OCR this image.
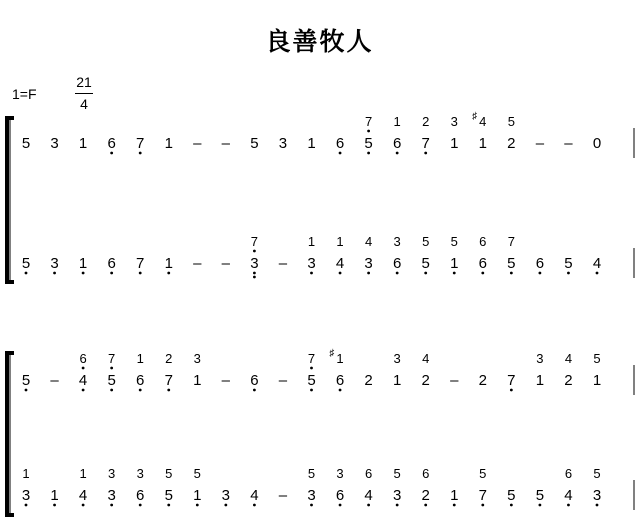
良善牧人
1=F
21
4
5 3 1 6 7 1 – – 5 3 1 6 5
7
6
1
7
2
1
3
1
4
♯
2
5
– – 0
5 3 1 6 7 1 – – 3
7
– 3
1
4
1
3
4
6
3
5
5
1
5
6
6
5
7
6 5 4
5 – 4
6
5
7
6
1
7
2
1
3
– 6 – 5
7
6
1
♯
2 1
3
2
4
– 2 7 1
3
2
4
1
5
3
1
1 4
1
3
3
6
3
5
5
1
5
3 4 – 3
5
6
3
4
6
3
5
2
6
1 7
5
5 5 4
6
3
5
